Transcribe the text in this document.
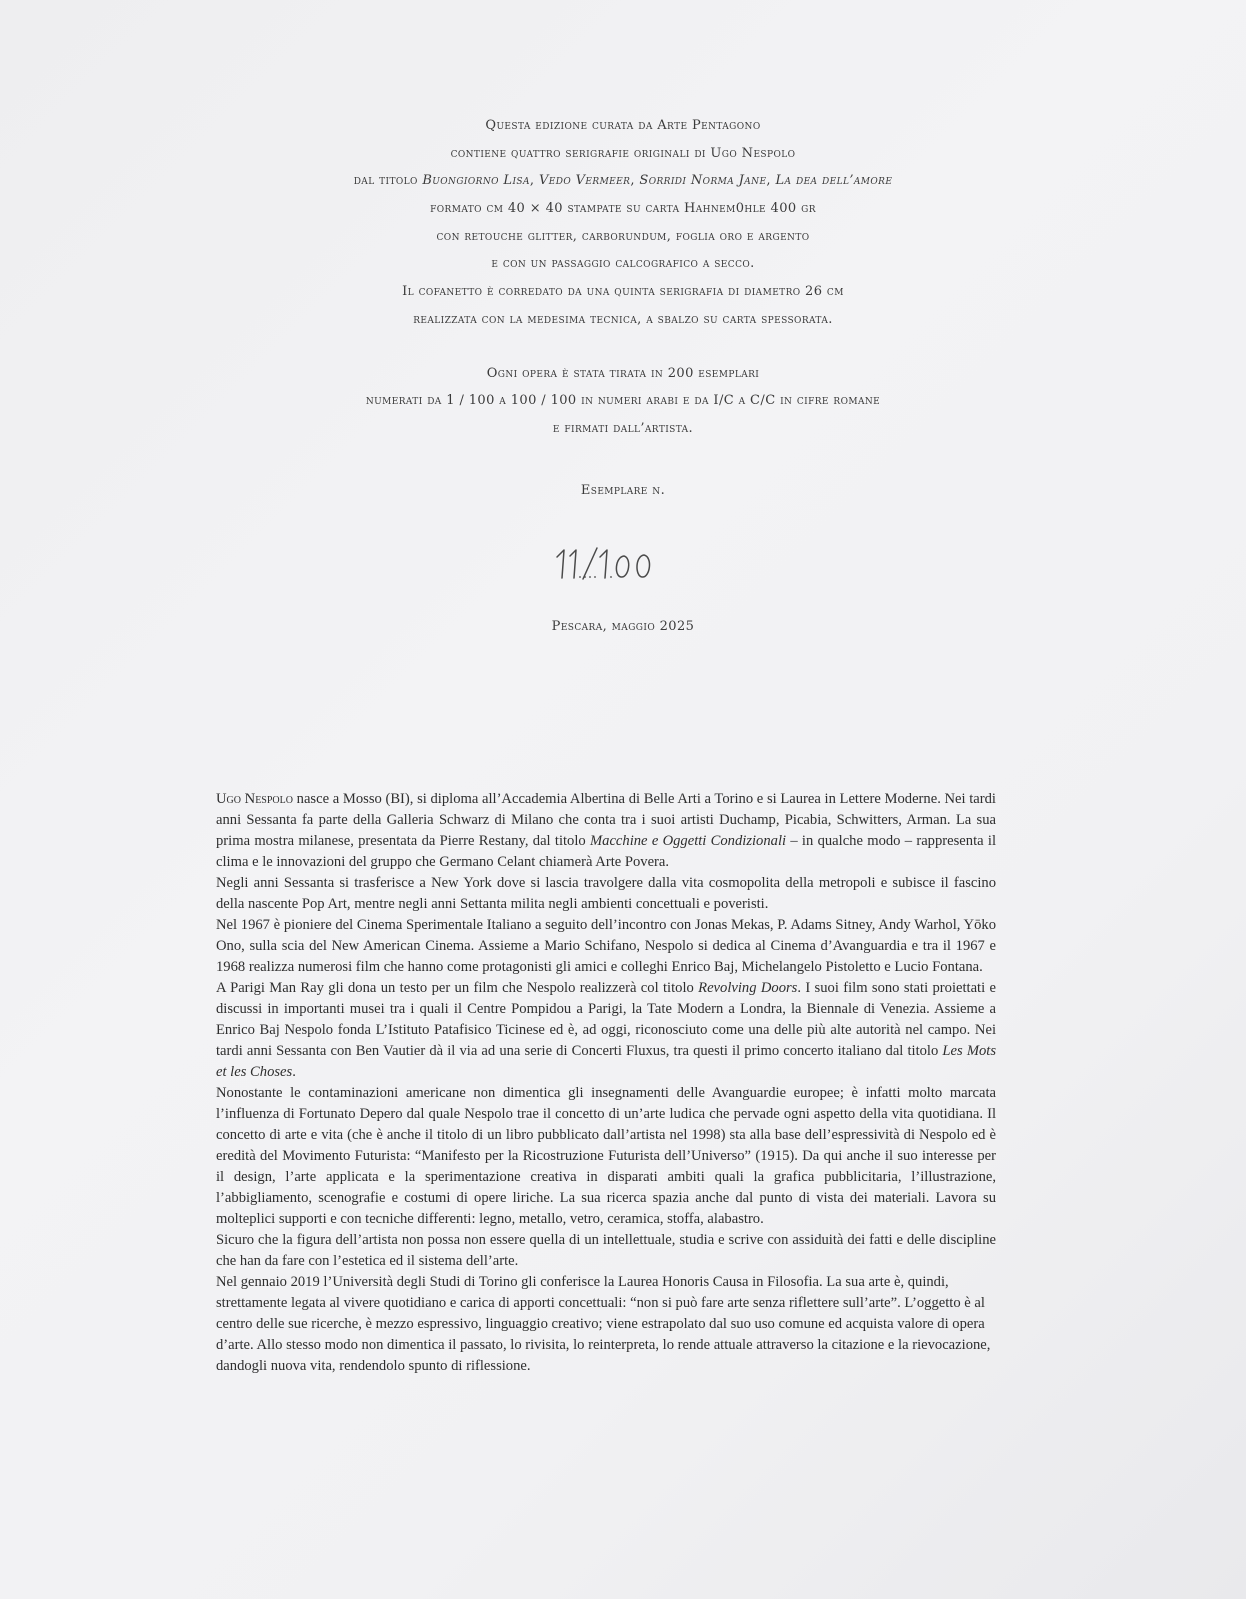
Questa edizione curata da Arte Pentagono
contiene quattro serigrafie originali di Ugo Nespolo
dal titolo Buongiorno Lisa, Vedo Vermeer, Sorridi Norma Jane, La dea dell’amore
formato cm 40 × 40 stampate su carta Hahnem0hle 400 gr
con retouche glitter, carborundum, foglia oro e argento
e con un passaggio calcografico a secco.
Il cofanetto è corredato da una quinta serigrafia di diametro 26 cm
realizzata con la medesima tecnica, a sbalzo su carta spessorata.
Ogni opera è stata tirata in 200 esemplari
numerati da 1 / 100 a 100 / 100 in numeri arabi e da I/C a C/C in cifre romane
e firmati dall’artista.
Esemplare n.
11/100
Pescara, maggio 2025

Ugo Nespolo nasce a Mosso (BI), si diploma all’Accademia Albertina di Belle Arti a Torino e si Laurea in Lettere Moderne. Nei tardi anni Sessanta fa parte della Galleria Schwarz di Milano che conta tra i suoi artisti Duchamp, Picabia, Schwitters, Arman. La sua prima mostra milanese, presentata da Pierre Restany, dal titolo Macchine e Oggetti Condizionali – in qualche modo – rappresenta il clima e le innovazioni del gruppo che Germano Celant chiamerà Arte Povera.

Negli anni Sessanta si trasferisce a New York dove si lascia travolgere dalla vita cosmopolita della metropoli e subisce il fascino della nascente Pop Art, mentre negli anni Settanta milita negli ambienti concettuali e poveristi.

Nel 1967 è pioniere del Cinema Sperimentale Italiano a seguito dell’incontro con Jonas Mekas, P. Adams Sitney, Andy Warhol, Yōko Ono, sulla scia del New American Cinema. Assieme a Mario Schifano, Nespolo si dedica al Cinema d’Avanguardia e tra il 1967 e 1968 realizza numerosi film che hanno come protagonisti gli amici e colleghi Enrico Baj, Michelangelo Pistoletto e Lucio Fontana.

A Parigi Man Ray gli dona un testo per un film che Nespolo realizzerà col titolo Revolving Doors. I suoi film sono stati proiettati e discussi in importanti musei tra i quali il Centre Pompidou a Parigi, la Tate Modern a Londra, la Biennale di Venezia. Assieme a Enrico Baj Nespolo fonda L’Istituto Patafisico Ticinese ed è, ad oggi, riconosciuto come una delle più alte autorità nel campo. Nei tardi anni Sessanta con Ben Vautier dà il via ad una serie di Concerti Fluxus, tra questi il primo concerto italiano dal titolo Les Mots et les Choses.

Nonostante le contaminazioni americane non dimentica gli insegnamenti delle Avanguardie europee; è infatti molto marcata l’influenza di Fortunato Depero dal quale Nespolo trae il concetto di un’arte ludica che pervade ogni aspetto della vita quotidiana. Il concetto di arte e vita (che è anche il titolo di un libro pubblicato dall’artista nel 1998) sta alla base dell’espressività di Nespolo ed è eredità del Movimento Futurista: “Manifesto per la Ricostruzione Futurista dell’Universo” (1915). Da qui anche il suo interesse per il design, l’arte applicata e la sperimentazione creativa in disparati ambiti quali la grafica pubblicitaria, l’illustrazione, l’abbigliamento, scenografie e costumi di opere liriche. La sua ricerca spazia anche dal punto di vista dei materiali. Lavora su molteplici supporti e con tecniche differenti: legno, metallo, vetro, ceramica, stoffa, alabastro.

Sicuro che la figura dell’artista non possa non essere quella di un intellettuale, studia e scrive con assiduità dei fatti e delle discipline che han da fare con l’estetica ed il sistema dell’arte.

Nel gennaio 2019 l’Università degli Studi di Torino gli conferisce la Laurea Honoris Causa in Filosofia. La sua arte è, quindi, strettamente legata al vivere quotidiano e carica di apporti concettuali: “non si può fare arte senza riflettere sull’arte”. L’oggetto è al centro delle sue ricerche, è mezzo espressivo, linguaggio creativo; viene estrapolato dal suo uso comune ed acquista valore di opera d’arte. Allo stesso modo non dimentica il passato, lo rivisita, lo reinterpreta, lo rende attuale attraverso la citazione e la rievocazione, dandogli nuova vita, rendendolo spunto di riflessione.
